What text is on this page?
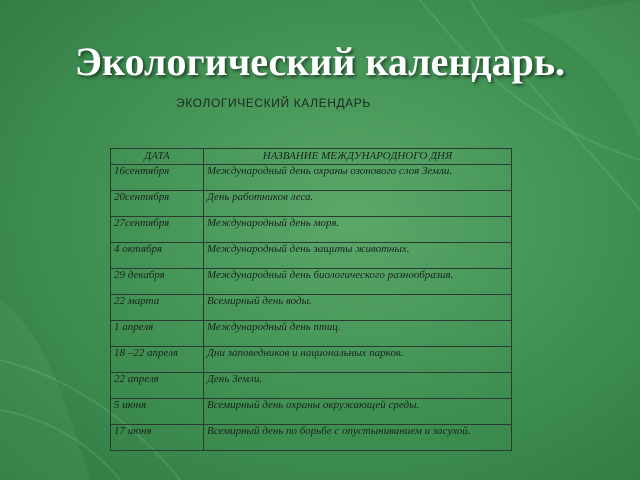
Экологический календарь.
ЭКОЛОГИЧЕСКИЙ КАЛЕНДАРЬ
ДАТА	НАЗВАНИЕ МЕЖДУНАРОДНОГО ДНЯ
16сентября	Международный день охраны озонового слоя Земли.
20сентября	День работников леса.
27сентября	Международный день моря.
4 октября	Международный день защиты животных.
29 декабря	Международный день биологического разнообразия.
22 марта	Всемирный день воды.
1 апреля	Международный день птиц.
18 –22 апреля	Дни заповедников и национальных парков.
22 апреля	День Земли.
5 июня	Всемирный день охраны окружающей среды.
17 июня	Всемирный день по борьбе с опустыниванием и засухой.
